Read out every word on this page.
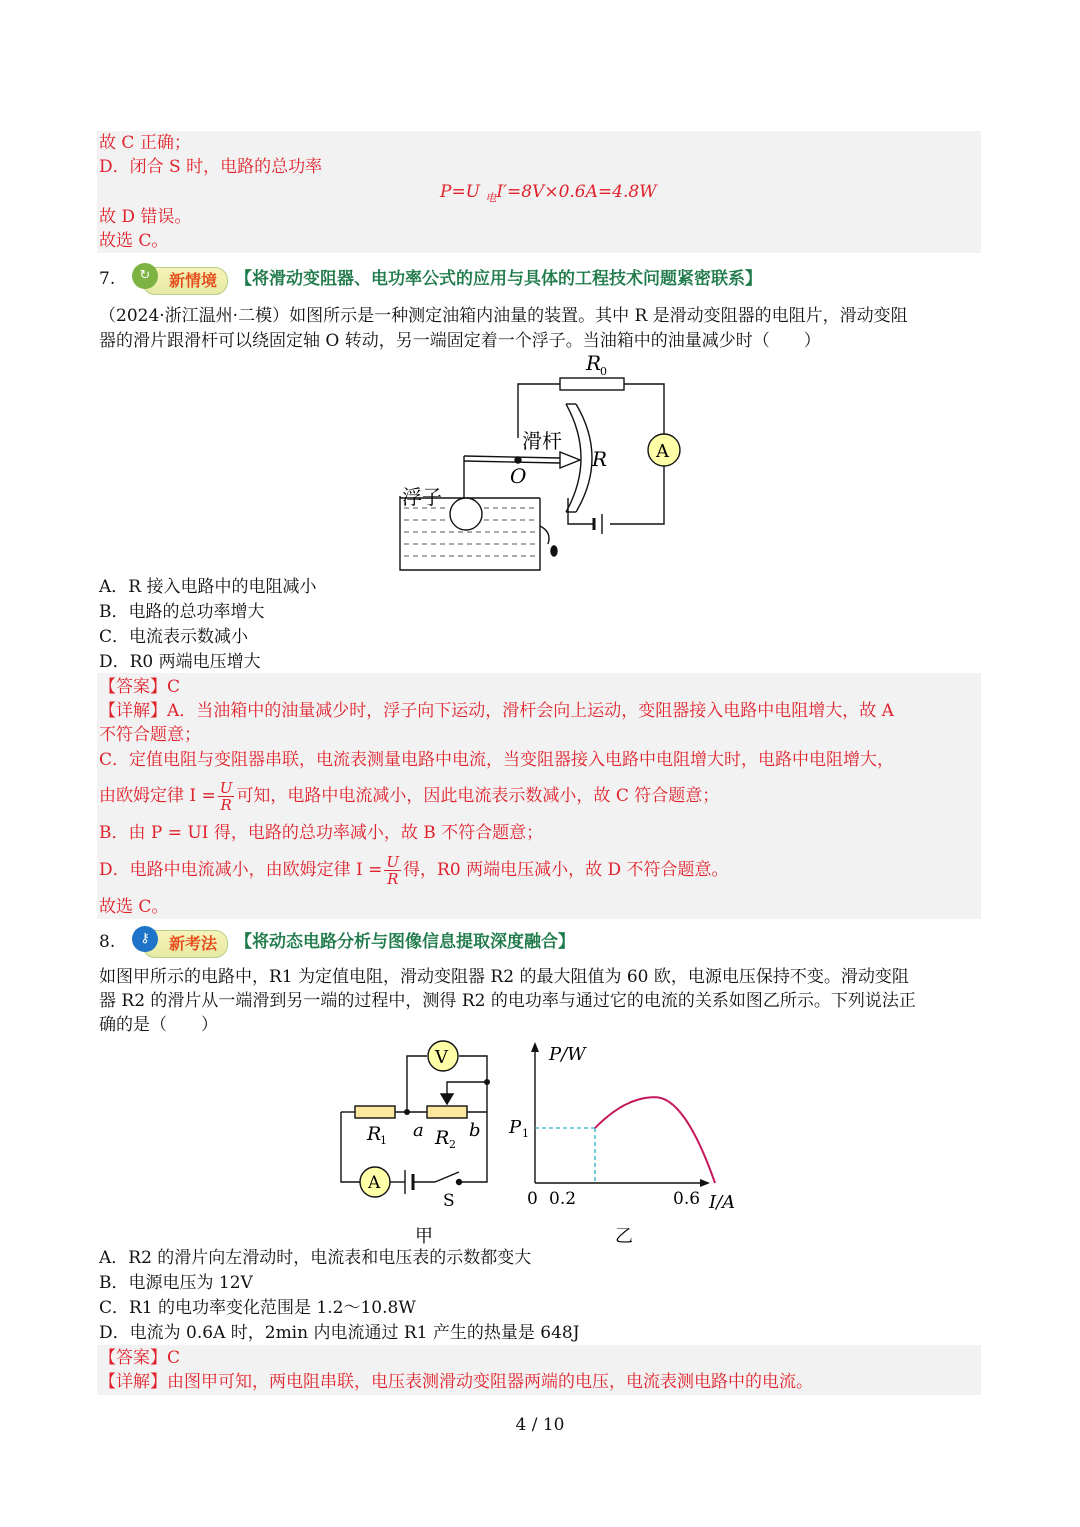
故 C 正确；
D．闭合 S 时，电路的总功率
P=U $_电$I′=8V×0.6A=4.8W
故 D 错误。
故选 C。
7.	新情境
↻	【将滑动变阻器、电功率公式的应用与具体的工程技术问题紧密联系】
（2024·浙江温州·二模）如图所示是一种测定油箱内油量的装置。其中 R 是滑动变阻器的电阻片，滑动变阻
器的滑片跟滑杆可以绕固定轴 O 转动，另一端固定着一个浮子。当油箱中的油量减少时（　　）
R
0
滑杆
R
O
浮子
A
A．R 接入电路中的电阻减小
B．电路的总功率增大
C．电流表示数减小
D．R0 两端电压增大
【答案】C
【详解】A．当油箱中的油量减少时，浮子向下运动，滑杆会向上运动，变阻器接入电路中电阻增大，故 A
不符合题意；
C．定值电阻与变阻器串联，电流表测量电路中电流，当变阻器接入电路中电阻增大时，电路中电阻增大，
由欧姆定律 $I = \frac{U}{R}$ 可知，电路中电流减小，因此电流表示数减小，故 C 符合题意；
B．由 P = UI 得，电路的总功率减小，故 B 不符合题意；
D．电路中电流减小，由欧姆定律 $I = \frac{U}{R}$ 得，R0 两端电压减小，故 D 不符合题意。
故选 C。
8.	新考法
⚷	【将动态电路分析与图像信息提取深度融合】
如图甲所示的电路中，R1 为定值电阻，滑动变阻器 R2 的最大阻值为 60 欧，电源电压保持不变。滑动变阻
器 R2 的滑片从一端滑到另一端的过程中，测得 R2 的电功率与通过它的电流的关系如图乙所示。下列说法正
确的是（　　）
V
A
R
1 a R 2
b
S
甲
P/W
P 1
0 0.2	0.6 I/A
乙
A．R2 的滑片向左滑动时，电流表和电压表的示数都变大
B．电源电压为 12V
C．R1 的电功率变化范围是 1.2～10.8W
D．电流为 0.6A 时，2min 内电流通过 R1 产生的热量是 648J
【答案】C
【详解】由图甲可知，两电阻串联，电压表测滑动变阻器两端的电压，电流表测电路中的电流。
4 / 10
